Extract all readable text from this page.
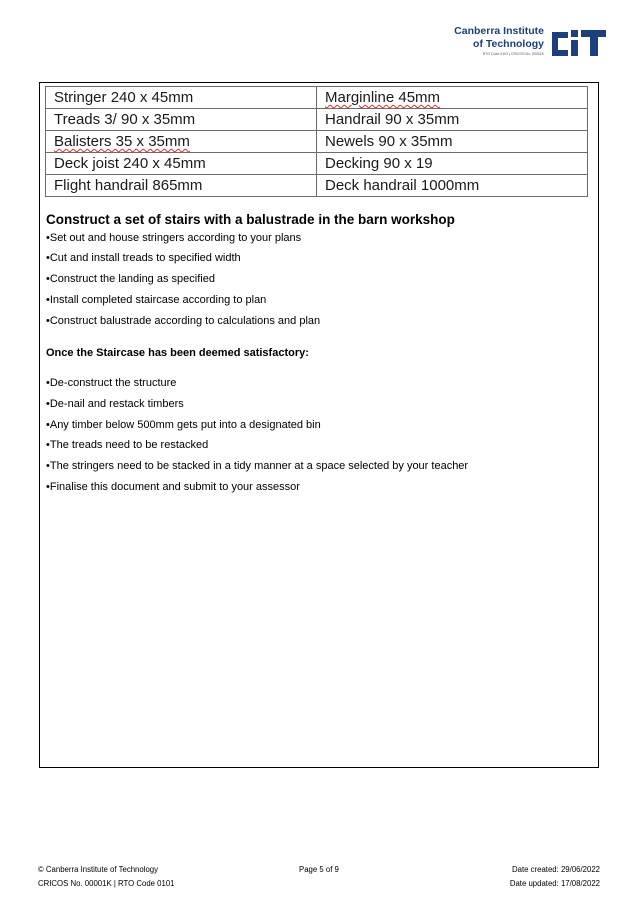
Canberra Institute
of Technology
RTO Code 0101 | CRICOS No. 00001K
Stringer 240 x 45mm	Marginline 45mm
Treads 3/ 90 x 35mm	Handrail 90 x 35mm
Balisters 35 x 35mm	Newels 90 x 35mm
Deck joist 240 x 45mm	Decking 90 x 19
Flight handrail 865mm	Deck handrail 1000mm
Construct a set of stairs with a balustrade in the barn workshop
•Set out and house stringers according to your plans
•Cut and install treads to specified width
•Construct the landing as specified
•Install completed staircase according to plan
•Construct balustrade according to calculations and plan
Once the Staircase has been deemed satisfactory:
•De-construct the structure
•De-nail and restack timbers
•Any timber below 500mm gets put into a designated bin
•The treads need to be restacked
•The stringers need to be stacked in a tidy manner at a space selected by your teacher
•Finalise this document and submit to your assessor
© Canberra Institute of Technology
CRICOS No. 00001K | RTO Code 0101
Page 5 of 9	Date created: 29/06/2022
Date updated: 17/08/2022
